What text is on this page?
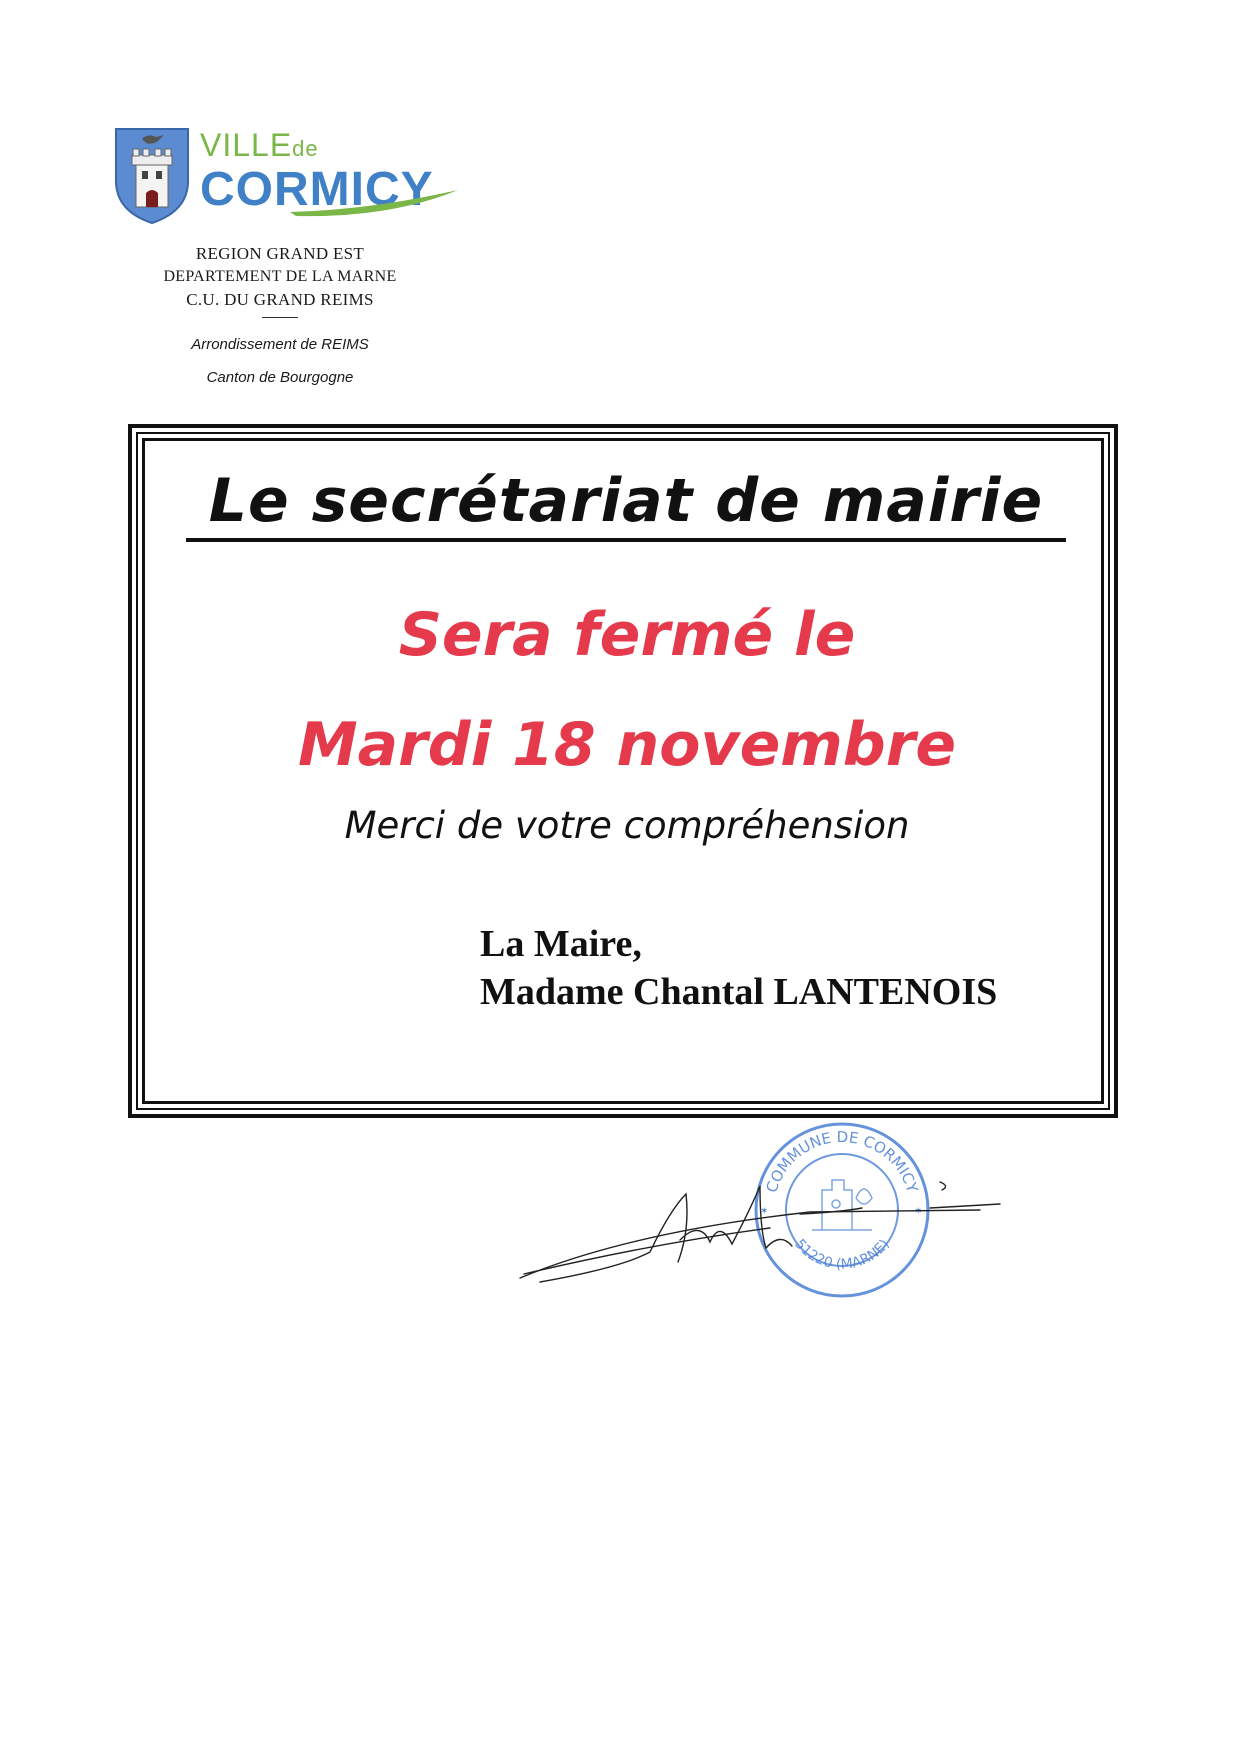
VILLEde
CORMICY
REGION GRAND EST
DEPARTEMENT DE LA MARNE
C.U. DU GRAND REIMS
Arrondissement de REIMS
Canton de Bourgogne
Le secrétariat de mairie
Sera fermé le
Mardi 18 novembre
Merci de votre compréhension
La Maire,
Madame Chantal LANTENOIS
COMMUNE DE CORMICY
51220 (MARNE)
✶	✶
